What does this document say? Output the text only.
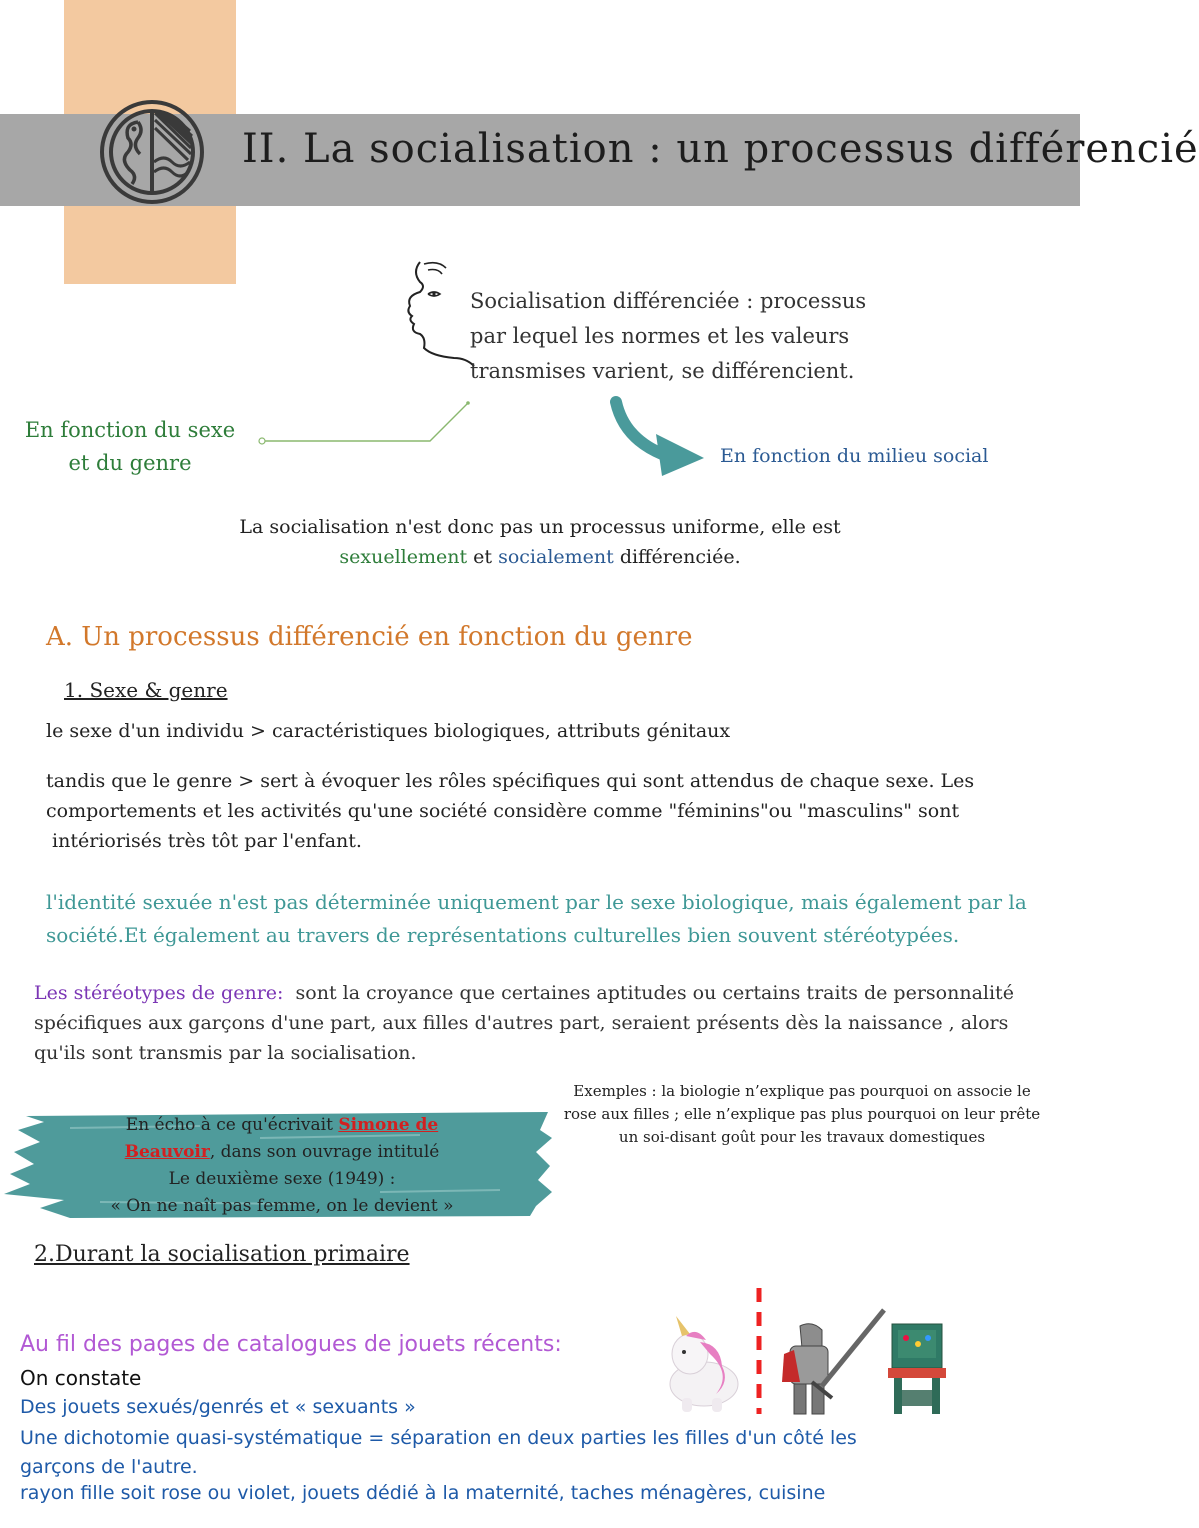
II. La socialisation : un processus différencié
Socialisation différenciée : processus
par lequel les normes et les valeurs
transmises varient, se différencient.
En fonction du sexe
et du genre	En fonction du milieu social
La socialisation n'est donc pas un processus uniforme, elle est
sexuellement et socialement différenciée.
A. Un processus différencié en fonction du genre
1. Sexe & genre
le sexe d'un individu > caractéristiques biologiques, attributs génitaux
tandis que le genre > sert à évoquer les rôles spécifiques qui sont attendus de chaque sexe. Les
comportements et les activités qu'une société considère comme "féminins"ou "masculins" sont
intériorisés très tôt par l'enfant.
l'identité sexuée n'est pas déterminée uniquement par le sexe biologique, mais également par la
société.Et également au travers de représentations culturelles bien souvent stéréotypées.
Les stéréotypes de genre:  sont la croyance que certaines aptitudes ou certains traits de personnalité
spécifiques aux garçons d'une part, aux filles d'autres part, seraient présents dès la naissance , alors
qu'ils sont transmis par la socialisation.
Exemples : la biologie n’explique pas pourquoi on associe le
rose aux filles ; elle n’explique pas plus pourquoi on leur prête
un soi-disant goût pour les travaux domestiques
En écho à ce qu'écrivait Simone de
Beauvoir, dans son ouvrage intitulé
Le deuxième sexe (1949) :
« On ne naît pas femme, on le devient »
2.Durant la socialisation primaire
Au fil des pages de catalogues de jouets récents:
On constate
Des jouets sexués/genrés et « sexuants »
Une dichotomie quasi-systématique = séparation en deux parties les filles d'un côté les
garçons de l'autre.
rayon fille soit rose ou violet, jouets dédié à la maternité, taches ménagères, cuisine
